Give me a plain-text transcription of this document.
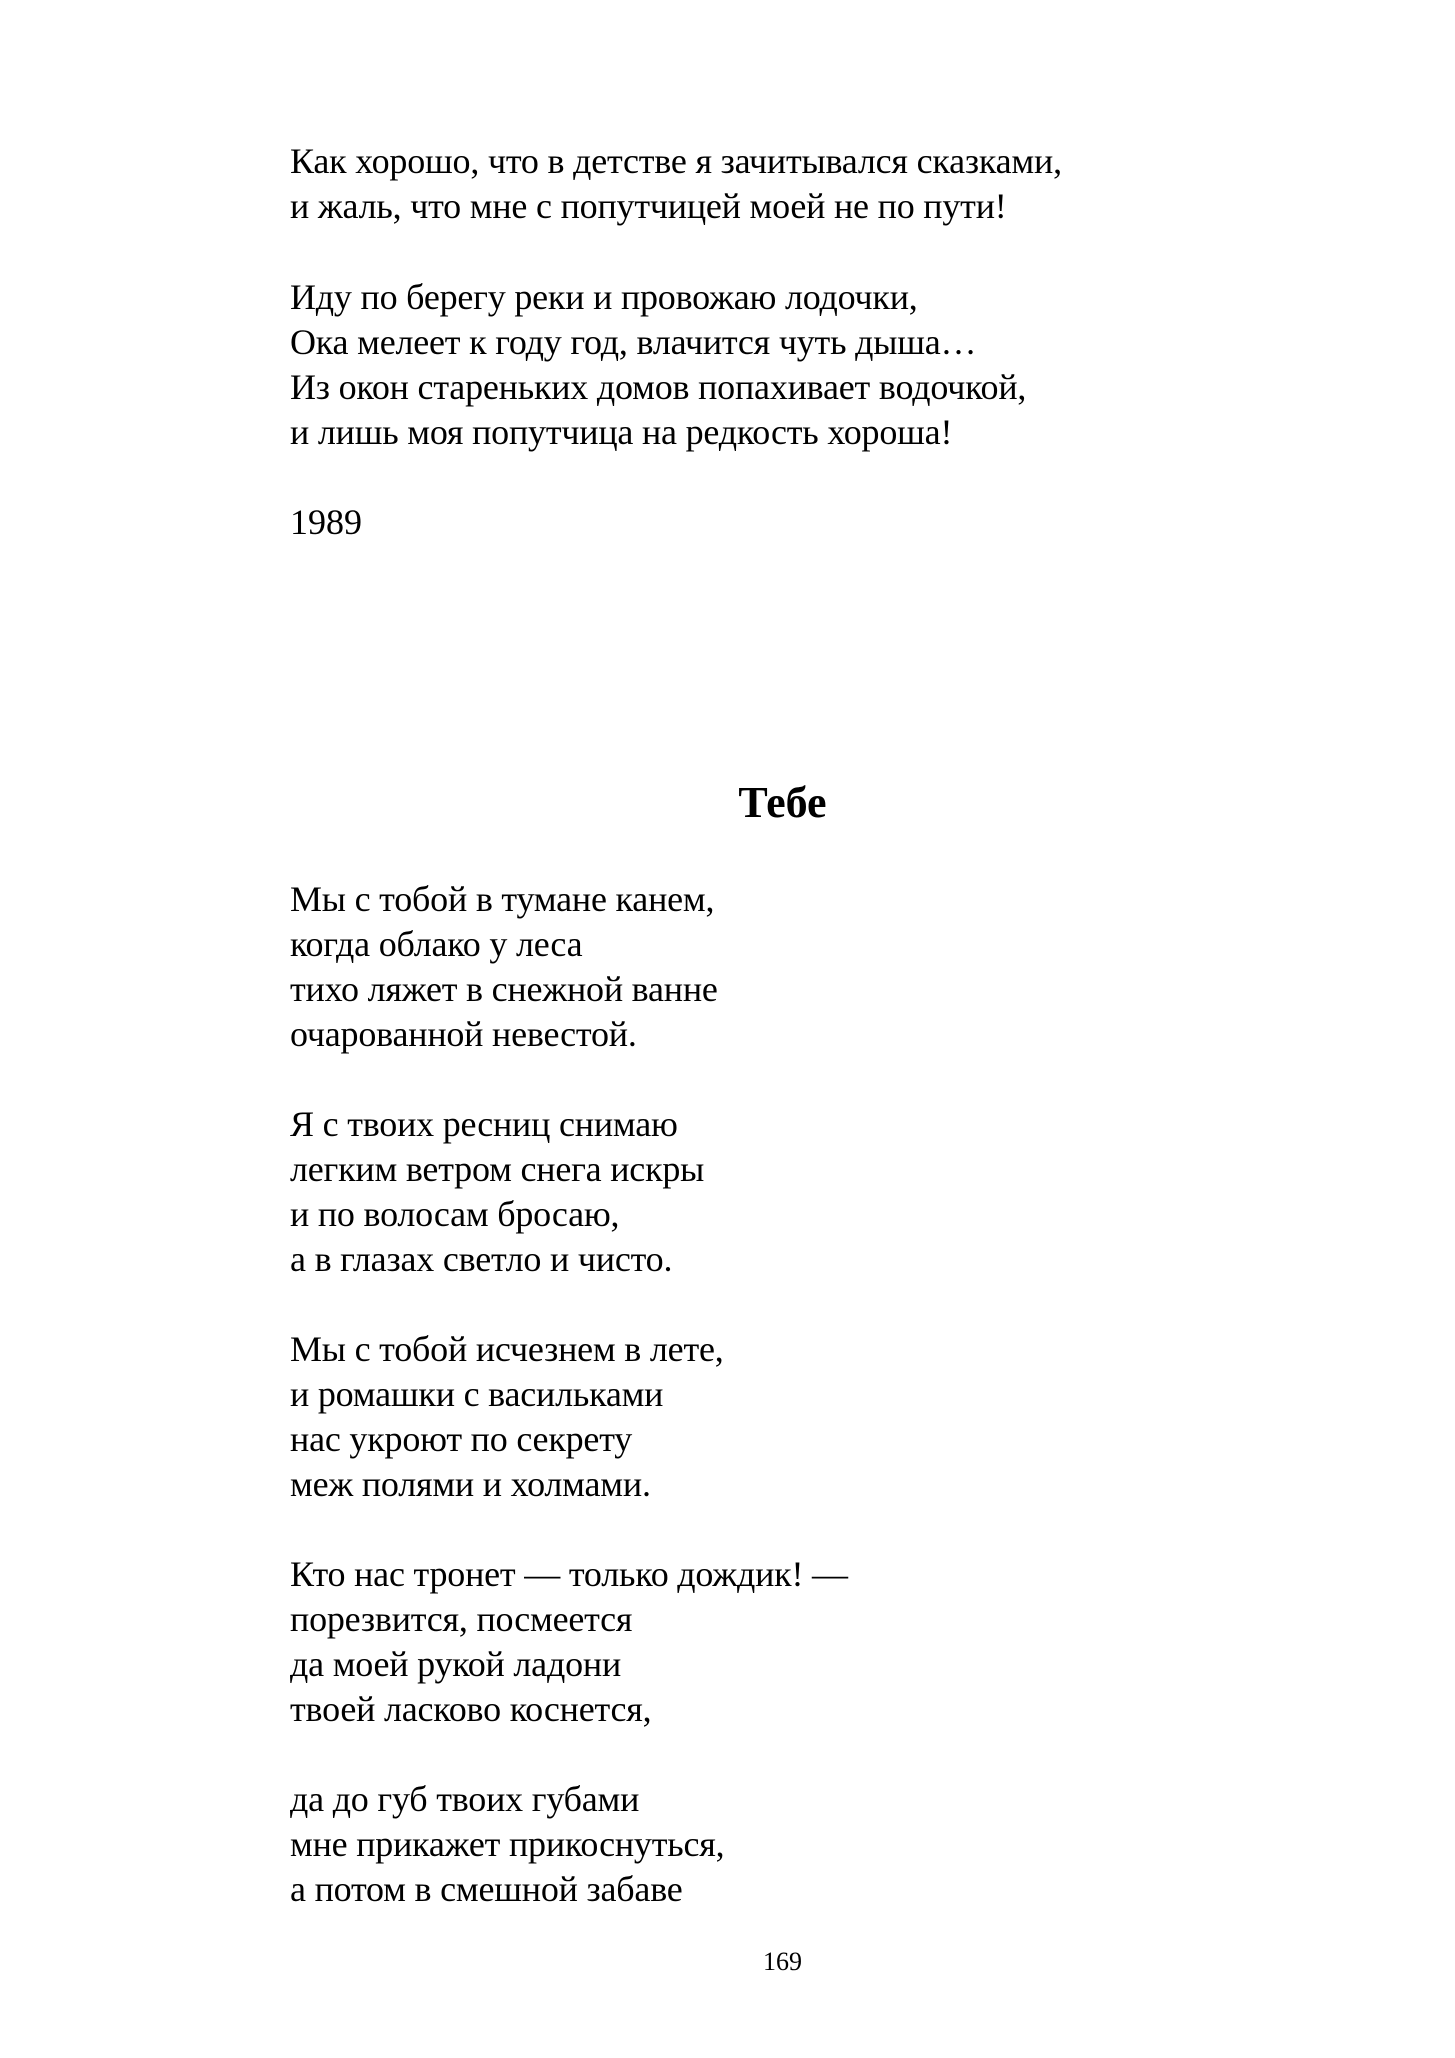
Как хорошо, что в детстве я зачитывался сказками,
и жаль, что мне с попутчицей моей не по пути!
Иду по берегу реки и провожаю лодочки,
Ока мелеет к году год, влачится чуть дыша…
Из окон стареньких домов попахивает водочкой,
и лишь моя попутчица на редкость хороша!
1989
Тебе
Мы с тобой в тумане канем,
когда облако у леса
тихо ляжет в снежной ванне
очарованной невестой.
Я с твоих ресниц снимаю
легким ветром снега искры
и по волосам бросаю,
а в глазах светло и чисто.
Мы с тобой исчезнем в лете,
и ромашки с васильками
нас укроют по секрету
меж полями и холмами.
Кто нас тронет — только дождик! —
порезвится, посмеется
да моей рукой ладони
твоей ласково коснется,
да до губ твоих губами
мне прикажет прикоснуться,
а потом в смешной забаве
169
